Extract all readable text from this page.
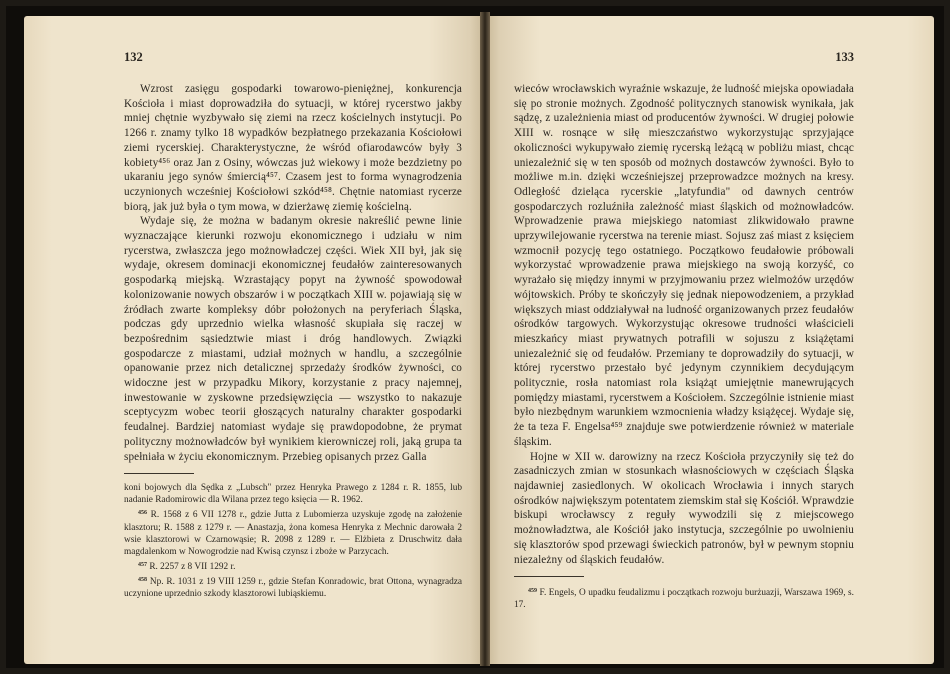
132

Wzrost zasięgu gospodarki towarowo-pieniężnej, konkurencja Kościoła i miast doprowadziła do sytuacji, w której rycerstwo jakby mniej chętnie wyzbywało się ziemi na rzecz kościelnych instytucji. Po 1266 r. znamy tylko 18 wypadków bezpłatnego przekazania Kościołowi ziemi rycerskiej. Charakterystyczne, że wśród ofiarodawców były 3 kobiety⁴⁵⁶ oraz Jan z Osiny, wówczas już wiekowy i może bezdzietny po ukaraniu jego synów śmiercią⁴⁵⁷. Czasem jest to forma wynagrodzenia uczynionych wcześniej Kościołowi szkód⁴⁵⁸. Chętnie natomiast rycerze biorą, jak już była o tym mowa, w dzierżawę ziemię kościelną.

Wydaje się, że można w badanym okresie nakreślić pewne linie wyznaczające kierunki rozwoju ekonomicznego i udziału w nim rycerstwa, zwłaszcza jego możnowładczej części. Wiek XII był, jak się wydaje, okresem dominacji ekonomicznej feudałów zainteresowanych gospodarką miejską. Wzrastający popyt na żywność spowodował kolonizowanie nowych obszarów i w początkach XIII w. pojawiają się w źródłach zwarte kompleksy dóbr położonych na peryferiach Śląska, podczas gdy uprzednio wielka własność skupiała się raczej w bezpośrednim sąsiedztwie miast i dróg handlowych. Związki gospodarcze z miastami, udział możnych w handlu, a szczególnie opanowanie przez nich detalicznej sprzedaży środków żywności, co widoczne jest w przypadku Mikory, korzystanie z pracy najemnej, inwestowanie w zyskowne przedsięwzięcia — wszystko to nakazuje sceptycyzm wobec teorii głoszących naturalny charakter gospodarki feudalnej. Bardziej natomiast wydaje się prawdopodobne, że prymat polityczny możnowładców był wynikiem kierowniczej roli, jaką grupa ta spełniała w życiu ekonomicznym. Przebieg opisanych przez Galla

koni bojowych dla Sędka z „Lubsch" przez Henryka Prawego z 1284 r. R. 1855, lub nadanie Radomirowic dla Wilana przez tego księcia — R. 1962.

$^{456}$ R. 1568 z 6 VII 1278 r., gdzie Jutta z Lubomierza uzyskuje zgodę na założenie klasztoru; R. 1588 z 1279 r. — Anastazja, żona komesa Henryka z Mechnic darowała 2 wsie klasztorowi w Czarnowąsie; R. 2098 z 1289 r. — Elżbieta z Druschwitz dała magdalenkom w Nowogrodzie nad Kwisą czynsz i zboże w Parzycach.

$^{457}$ R. 2257 z 8 VII 1292 r.

$^{458}$ Np. R. 1031 z 19 VIII 1259 r., gdzie Stefan Konradowic, brat Ottona, wynagradza uczynione uprzednio szkody klasztorowi lubiąskiemu.

133

wieców wrocławskich wyraźnie wskazuje, że ludność miejska opowiadała się po stronie możnych. Zgodność politycznych stanowisk wynikała, jak sądzę, z uzależnienia miast od producentów żywności. W drugiej połowie XIII w. rosnące w siłę mieszczaństwo wykorzystując sprzyjające okoliczności wykupywało ziemię rycerską leżącą w pobliżu miast, chcąc uniezależnić się w ten sposób od możnych dostawców żywności. Było to możliwe m.in. dzięki wcześniejszej przeprowadzce możnych na kresy. Odległość dzieląca rycerskie „latyfundia" od dawnych centrów gospodarczych rozluźniła zależność miast śląskich od możnowładców. Wprowadzenie prawa miejskiego natomiast zlikwidowało prawne uprzywilejowanie rycerstwa na terenie miast. Sojusz zaś miast z księciem wzmocnił pozycję tego ostatniego. Początkowo feudałowie próbowali wykorzystać wprowadzenie prawa miejskiego na swoją korzyść, co wyrażało się między innymi w przyjmowaniu przez wielmożów urzędów wójtowskich. Próby te skończyły się jednak niepowodzeniem, a przykład większych miast oddziaływał na ludność organizowanych przez feudałów ośrodków targowych. Wykorzystując okresowe trudności właścicieli mieszkańcy miast prywatnych potrafili w sojuszu z książętami uniezależnić się od feudałów. Przemiany te doprowadziły do sytuacji, w której rycerstwo przestało być jedynym czynnikiem decydującym politycznie, rosła natomiast rola książąt umiejętnie manewrujących pomiędzy miastami, rycerstwem a Kościołem. Szczególnie istnienie miast było niezbędnym warunkiem wzmocnienia władzy książęcej. Wydaje się, że ta teza F. Engelsa⁴⁵⁹ znajduje swe potwierdzenie również w materiale śląskim.

Hojne w XII w. darowizny na rzecz Kościoła przyczyniły się też do zasadniczych zmian w stosunkach własnościowych w częściach Śląska najdawniej zasiedlonych. W okolicach Wrocławia i innych starych ośrodków największym potentatem ziemskim stał się Kościół. Wprawdzie biskupi wrocławscy z reguły wywodzili się z miejscowego możnowładztwa, ale Kościół jako instytucja, szczególnie po uwolnieniu się klasztorów spod przewagi świeckich patronów, był w pewnym stopniu niezależny od śląskich feudałów.

$^{459}$ F. Engels, O upadku feudalizmu i początkach rozwoju burżuazji, Warszawa 1969, s. 17.
